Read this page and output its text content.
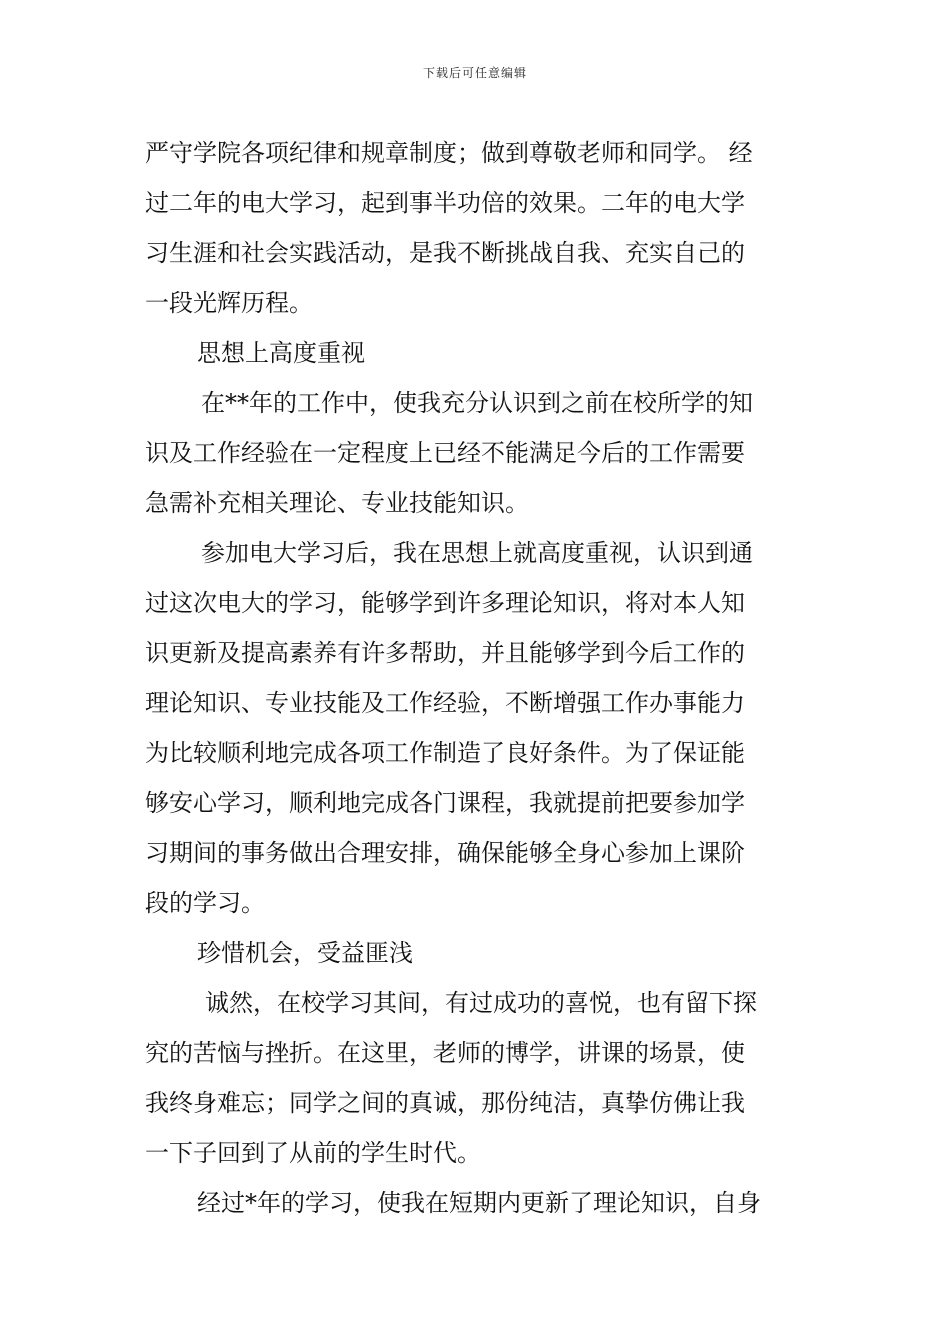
下载后可任意编辑
严守学院各项纪律和规章制度；做到尊敬老师和同学。 经
过二年的电大学习，起到事半功倍的效果。二年的电大学
习生涯和社会实践活动，是我不断挑战自我、充实自己的
一段光辉历程。
思想上高度重视
在**年的工作中，使我充分认识到之前在校所学的知
识及工作经验在一定程度上已经不能满足今后的工作需要
急需补充相关理论、专业技能知识。
参加电大学习后，我在思想上就高度重视，认识到通
过这次电大的学习，能够学到许多理论知识，将对本人知
识更新及提高素养有许多帮助，并且能够学到今后工作的
理论知识、专业技能及工作经验，不断增强工作办事能力
为比较顺利地完成各项工作制造了良好条件。为了保证能
够安心学习，顺利地完成各门课程，我就提前把要参加学
习期间的事务做出合理安排，确保能够全身心参加上课阶
段的学习。
珍惜机会，受益匪浅
诚然，在校学习其间，有过成功的喜悦，也有留下探
究的苦恼与挫折。在这里，老师的博学，讲课的场景，使
我终身难忘；同学之间的真诚，那份纯洁，真挚仿佛让我
一下子回到了从前的学生时代。
经过*年的学习，使我在短期内更新了理论知识，自身
